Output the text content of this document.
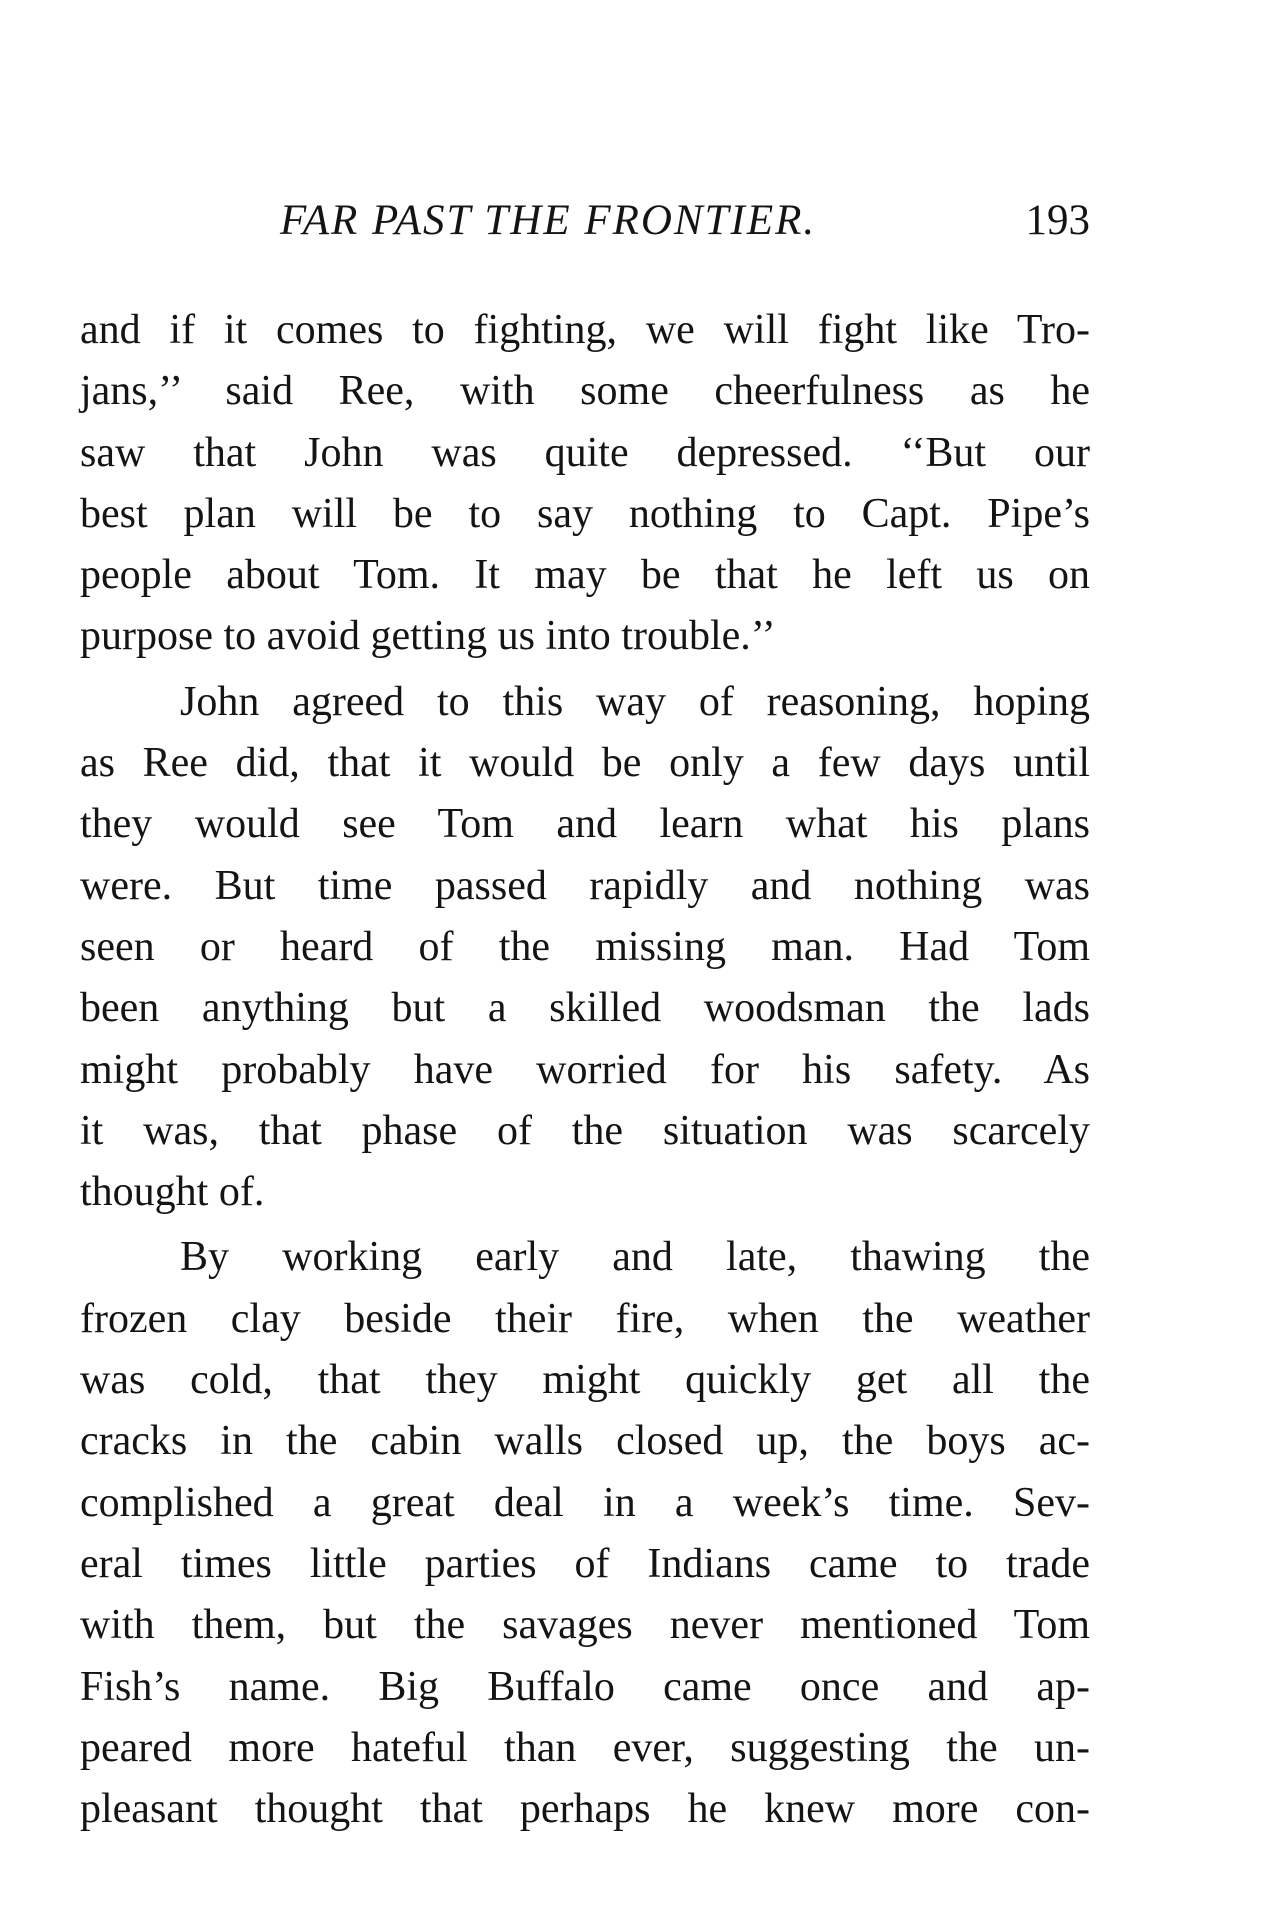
FAR PAST THE FRONTIER.	193
and if it comes to fighting, we will fight like Tro-
jans,’’ said Ree, with some cheerfulness as he
saw that John was quite depressed. ‘‘But our
best plan will be to say nothing to Capt. Pipe’s
people about Tom. It may be that he left us on
purpose to avoid getting us into trouble.’’
John agreed to this way of reasoning, hoping
as Ree did, that it would be only a few days until
they would see Tom and learn what his plans
were. But time passed rapidly and nothing was
seen or heard of the missing man. Had Tom
been anything but a skilled woodsman the lads
might probably have worried for his safety. As
it was, that phase of the situation was scarcely
thought of.
By working early and late, thawing the
frozen clay beside their fire, when the weather
was cold, that they might quickly get all the
cracks in the cabin walls closed up, the boys ac-
complished a great deal in a week’s time. Sev-
eral times little parties of Indians came to trade
with them, but the savages never mentioned Tom
Fish’s name. Big Buffalo came once and ap-
peared more hateful than ever, suggesting the un-
pleasant thought that perhaps he knew more con-
